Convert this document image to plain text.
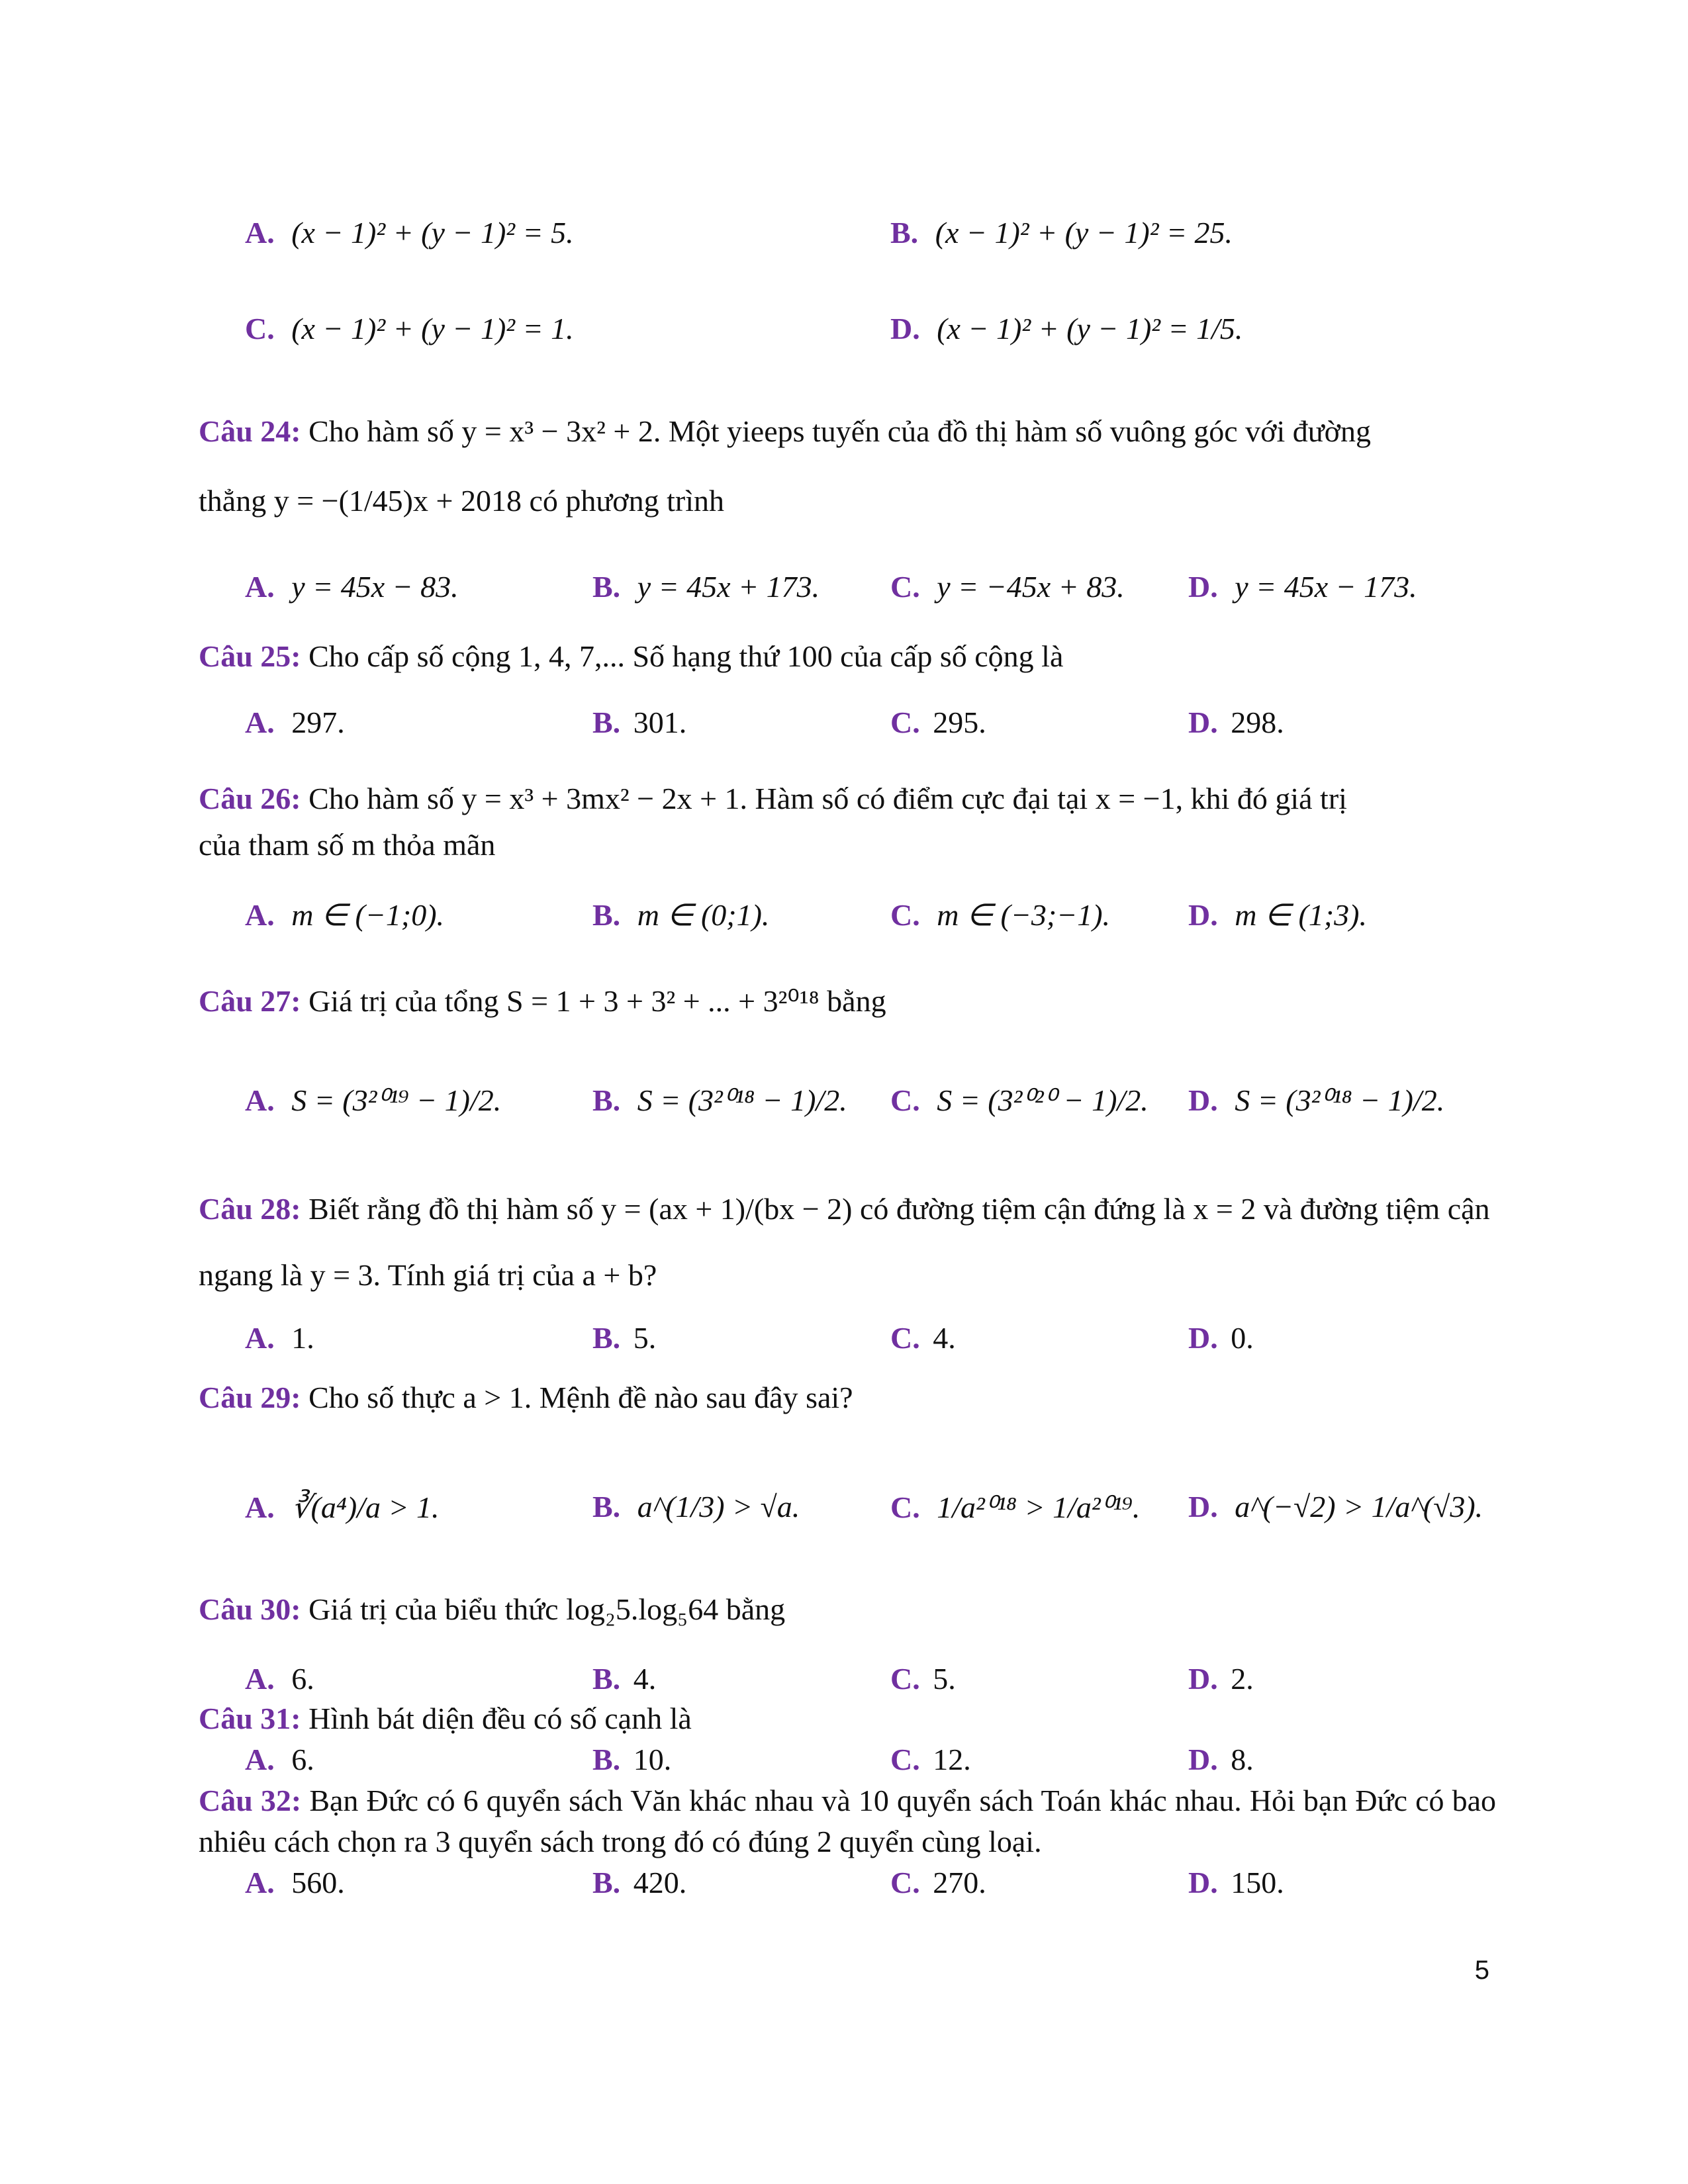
A. (x − 1)² + (y − 1)² = 5.	B. (x − 1)² + (y − 1)² = 25.
C. (x − 1)² + (y − 1)² = 1.	D. (x − 1)² + (y − 1)² = 1/5.
Câu 24: Cho hàm số y = x³ − 3x² + 2. Một yieeps tuyến của đồ thị hàm số vuông góc với đường
thẳng y = −(1/45)x + 2018 có phương trình
A. y = 45x − 83.	B. y = 45x + 173. C. y = −45x + 83. D. y = 45x − 173.
Câu 25: Cho cấp số cộng 1, 4, 7,... Số hạng thứ 100 của cấp số cộng là
A. 297.	B. 301.	C. 295.	D. 298.
Câu 26: Cho hàm số y = x³ + 3mx² − 2x + 1. Hàm số có điểm cực đại tại x = −1, khi đó giá trị
của tham số m thỏa mãn
A. m ∈ (−1;0).	B. m ∈ (0;1).	C. m ∈ (−3;−1).	D. m ∈ (1;3).
Câu 27: Giá trị của tổng S = 1 + 3 + 3² + ... + 3²⁰¹⁸ bằng
A. S = (3²⁰¹⁹ − 1)/2.	B. S = (3²⁰¹⁸ − 1)/2. C. S = (3²⁰²⁰ − 1)/2. D. S = (3²⁰¹⁸ − 1)/2.
Câu 28: Biết rằng đồ thị hàm số y = (ax + 1)/(bx − 2) có đường tiệm cận đứng là x = 2 và đường tiệm cận
ngang là y = 3. Tính giá trị của a + b?
A. 1.	B. 5.	C. 4.	D. 0.
Câu 29: Cho số thực a > 1. Mệnh đề nào sau đây sai?
A. ∛(a⁴)/a > 1.	B. a^(1/3) > √a.	C. 1/a²⁰¹⁸ > 1/a²⁰¹⁹. D. a^(−√2) > 1/a^(√3).
Câu 30: Giá trị của biểu thức log₂5.log₅64 bằng
A. 6.	B. 4.	C. 5.	D. 2.
Câu 31: Hình bát diện đều có số cạnh là
A. 6.	B. 10.	C. 12.	D. 8.
Câu 32: Bạn Đức có 6 quyển sách Văn khác nhau và 10 quyển sách Toán khác nhau. Hỏi bạn Đức có bao nhiêu cách chọn ra 3 quyển sách trong đó có đúng 2 quyển cùng loại.
A. 560.	B. 420.	C. 270.	D. 150.
5
